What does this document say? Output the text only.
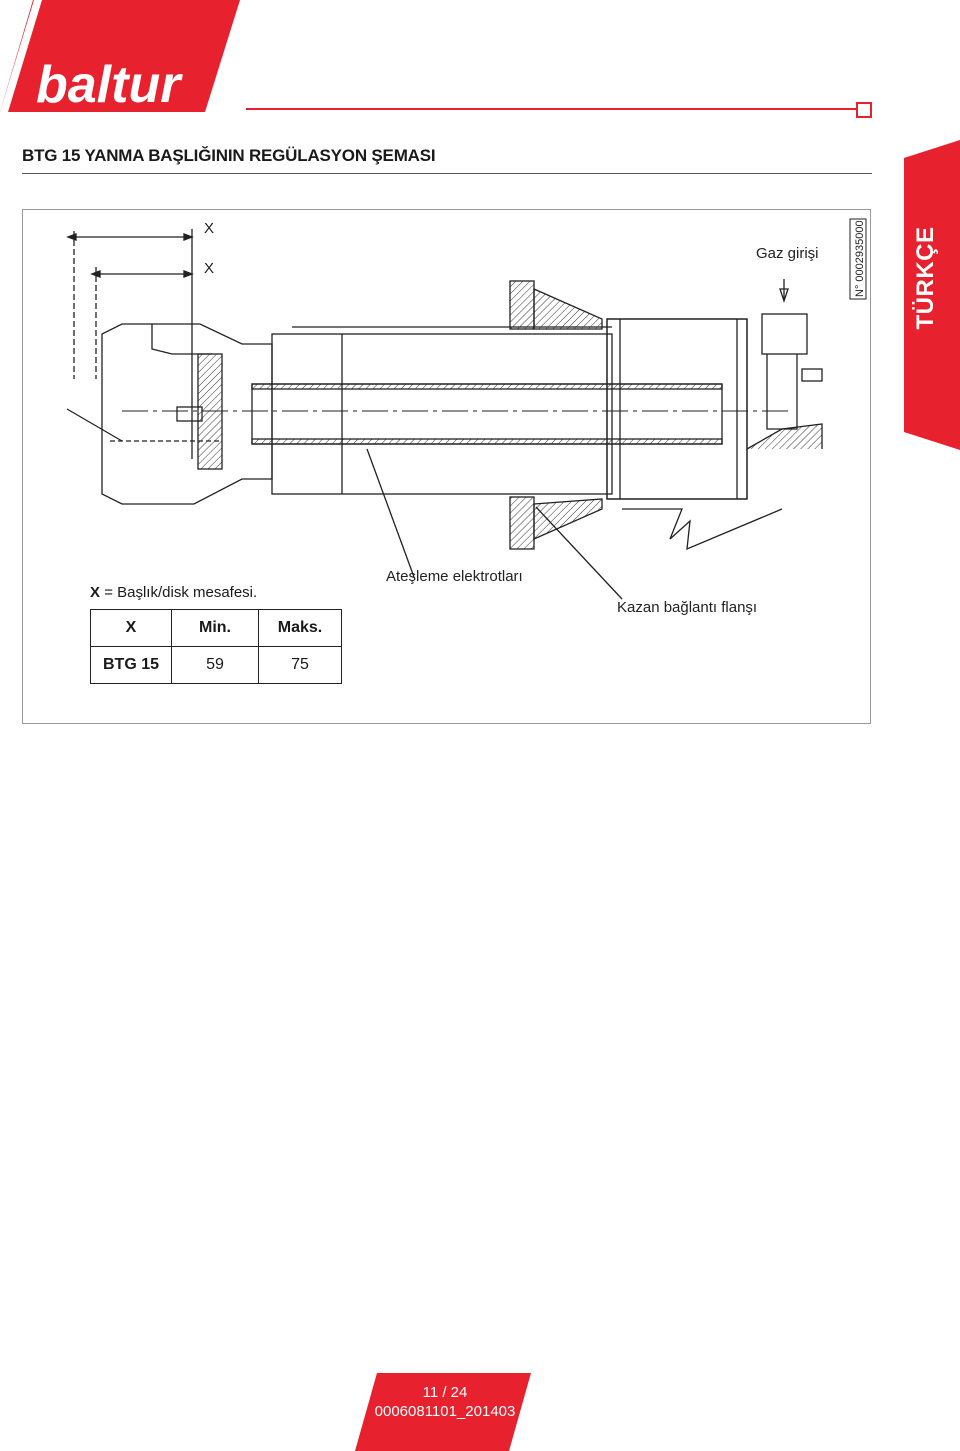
baltur
BTG 15 YANMA BAŞLIĞININ REGÜLASYON ŞEMASI
TÜRKÇE
X
X
Gaz girişi	N° 0002935000
Ateşleme elektrotları
Kazan bağlantı flanşı
X = Başlık/disk mesafesi.
X	Min.	Maks.
BTG 15	59	75
11 / 24
0006081101_201403
